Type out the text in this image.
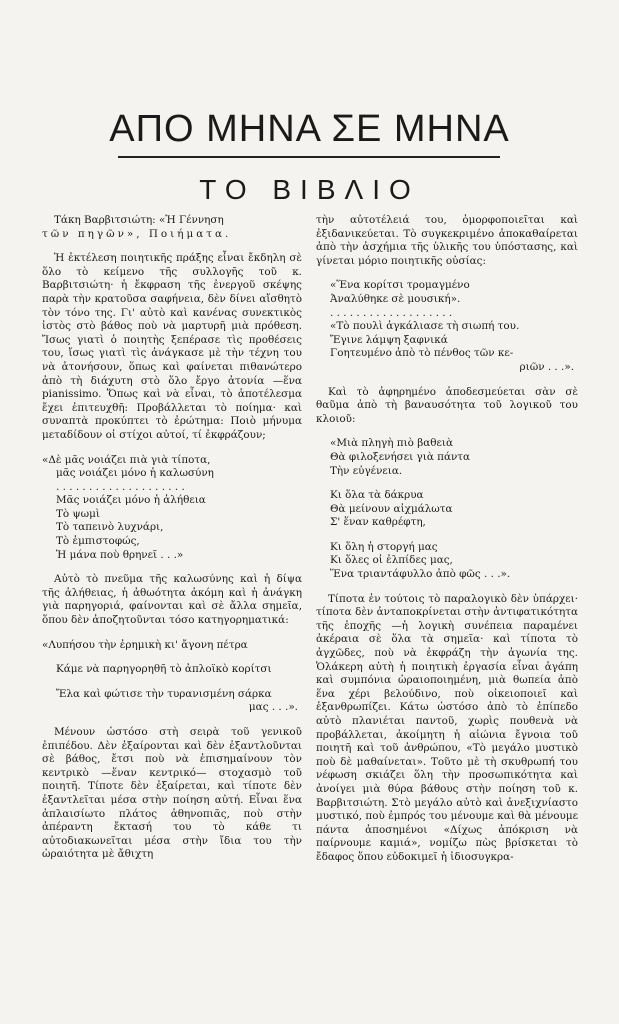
ΑΠΟ ΜΗΝΑ ΣΕ ΜΗΝΑ
ΤΟ ΒΙΒΛΙΟ

Τάκη Βαρβιτσιώτη: «Ἡ Γέννηση

τῶν πηγῶν», Ποιήματα.

Ἡ ἐκτέλεση ποιητικῆς πράξης εἶναι ἔκδηλη σὲ ὅλο τὸ κείμενο τῆς συλλογῆς τοῦ κ. Βαρβιτσιώτη· ἡ ἔκφραση τῆς ἐνεργοῦ σκέψης παρὰ τὴν κρατοῦσα σαφήνεια, δὲν δίνει αἴσθητὸ τὸν τόνο της. Γι' αὐτὸ καὶ κανένας συνεκτικὸς ἱστὸς στὸ βάθος ποὺ νὰ μαρτυρῆ μιὰ πρόθεση. Ἴσως γιατὶ ὁ ποιητὴς ξεπέρασε τὶς προθέσεις του, ἴσως γιατὶ τὶς ἀνάγκασε μὲ τὴν τέχνη του νὰ ἀτονήσουν, ὅπως καὶ φαίνεται πιθανώτερο ἀπὸ τὴ διάχυτη στὸ ὅλο ἔργο ἀτονία —ἕνα pianissimo. Ὅπως καὶ νὰ εἶναι, τὸ ἀποτέλεσμα ἔχει ἐπιτευχθῆ: Προβάλλεται τὸ ποίημα· καὶ συναπτὰ προκύπτει τὸ ἐρώτημα: Ποιὸ μήνυμα μεταδίδουν οἱ στίχοι αὐτοί, τί ἐκφράζουν;

«Δὲ μᾶς νοιάζει πιὰ γιὰ τίποτα,

μᾶς νοιάζει μόνο ἡ καλωσύνη

. . . . . . . . . . . . . . . . . . . .

Μᾶς νοιάζει μόνο ἡ ἀλήθεια

Τὸ ψωμὶ

Τὸ ταπεινὸ λυχνάρι,

Τὸ ἐμπιστοφώς,

Ἡ μάνα ποὺ θρηνεῖ . . .»

Αὐτὸ τὸ πνεῦμα τῆς καλωσύνης καὶ ἡ δίψα τῆς ἀλήθειας, ἡ ἀθωότητα ἀκόμη καὶ ἡ ἀνάγκη γιὰ παρηγοριά, φαίνονται καὶ σὲ ἄλλα σημεῖα, ὅπου δὲν ἀποζητοῦνται τόσο κατηγορηματικά:

«Λυπήσου τὴν ἐρημικὴ κι' ἄγονη πέτρα

Κάμε νὰ παρηγορηθῆ τὸ ἀπλοϊκὸ κορίτσι

Ἔλα καὶ φώτισε τὴν τυρανισμένη σάρκα

μας . . .».

Μένουν ὡστόσο στὴ σειρὰ τοῦ γενικοῦ ἐπιπέδου. Δὲν ἐξαίρονται καὶ δὲν ἐξαντλοῦνται σὲ βάθος, ἔτσι ποὺ νὰ ἐπισημαίνουν τὸν κεντρικὸ —ἕναν κεντρικό— στοχασμὸ τοῦ ποιητῆ. Τίποτε δὲν ἐξαίρεται, καὶ τίποτε δὲν ἐξαντλεῖται μέσα στὴν ποίηση αὐτή. Εἶναι ἕνα ἀπλαισίωτο πλάτος ἀθηνοπιᾶς, ποὺ στὴν ἀπέραντη ἔκτασή του τὸ κάθε τι αὐτοδιακωνεῖται μέσα στὴν ἴδια του τὴν ὡραιότητα μὲ ἄθιχτη

τὴν αὐτοτέλειά του, ὁμορφοποιεῖται καὶ ἐξιδανικεύεται. Τὸ συγκεκριμένο ἀποκαθαίρεται ἀπὸ τὴν ἀσχήμια τῆς ὑλικῆς του ὑπόστασης, καὶ γίνεται μόριο ποιητικῆς οὐσίας:

«Ἕνα κορίτσι τρομαγμένο

Ἀναλύθηκε σὲ μουσική».

. . . . . . . . . . . . . . . . . . .

«Τὸ πουλὶ ἀγκάλιασε τὴ σιωπή του.

Ἔγινε λάμψη ξαφνικά

Γοητευμένο ἀπὸ τὸ πένθος τῶν κε-

ριῶν . . .».

Καὶ τὸ ἀφηρημένο ἀποδεσμεύεται σὰν σὲ θαῦμα ἀπὸ τὴ βαναυσότητα τοῦ λογικοῦ του κλοιοῦ:

«Μιὰ πληγὴ πιὸ βαθειὰ

Θὰ φιλοξενήσει γιὰ πάντα

Τὴν εὐγένεια.

Κι ὅλα τὰ δάκρυα

Θὰ μείνουν αἰχμάλωτα

Σ' ἕναν καθρέφτη,

Κι ὅλη ἡ στοργή μας

Κι ὅλες οἱ ἐλπίδες μας,

Ἕνα τριαντάφυλλο ἀπὸ φῶς . . .».

Τίποτα ἐν τούτοις τὸ παραλογικὸ δὲν ὑπάρχει· τίποτα δὲν ἀνταποκρίνεται στὴν ἀντιφατικότητα τῆς ἐποχῆς —ἡ λογικὴ συνέπεια παραμένει ἀκέραια σὲ ὅλα τὰ σημεῖα· καὶ τίποτα τὸ ἀγχῶδες, ποὺ νὰ ἐκφράζη τὴν ἀγωνία της. Ὁλάκερη αὐτὴ ἡ ποιητικὴ ἐργασία εἶναι ἀγάπη καὶ συμπόνια ὡραιοποιημένη, μιὰ θωπεία ἀπὸ ἕνα χέρι βελούδινο, ποὺ οἰκειοποιεῖ καὶ ἐξανθρωπίζει. Κάτω ὡστόσο ἀπὸ τὸ ἐπίπεδο αὐτὸ πλανιέται παντοῦ, χωρὶς πουθενὰ νὰ προβάλλεται, ἀκοίμητη ἡ αἰώνια ἔγνοια τοῦ ποιητῆ καὶ τοῦ ἀνθρώπου, «Τὸ μεγάλο μυστικὸ ποὺ δὲ μαθαίνεται». Τοῦτο μὲ τὴ σκυθρωπή του νέφωση σκιάζει ὅλη τὴν προσωπικότητα καὶ ἀνοίγει μιὰ θύρα βάθους στὴν ποίηση τοῦ κ. Βαρβιτσιώτη. Στὸ μεγάλο αὐτὸ καὶ ἀνεξιχνίαστο μυστικό, ποὺ ἐμπρός του μένουμε καὶ θὰ μένουμε πάντα ἀποσημένοι «Δίχως ἀπόκριση νὰ παίρνουμε καμιά», νομίζω πὼς βρίσκεται τὸ ἔδαφος ὅπου εὐδοκιμεῖ ἡ ἰδιοσυγκρα-
